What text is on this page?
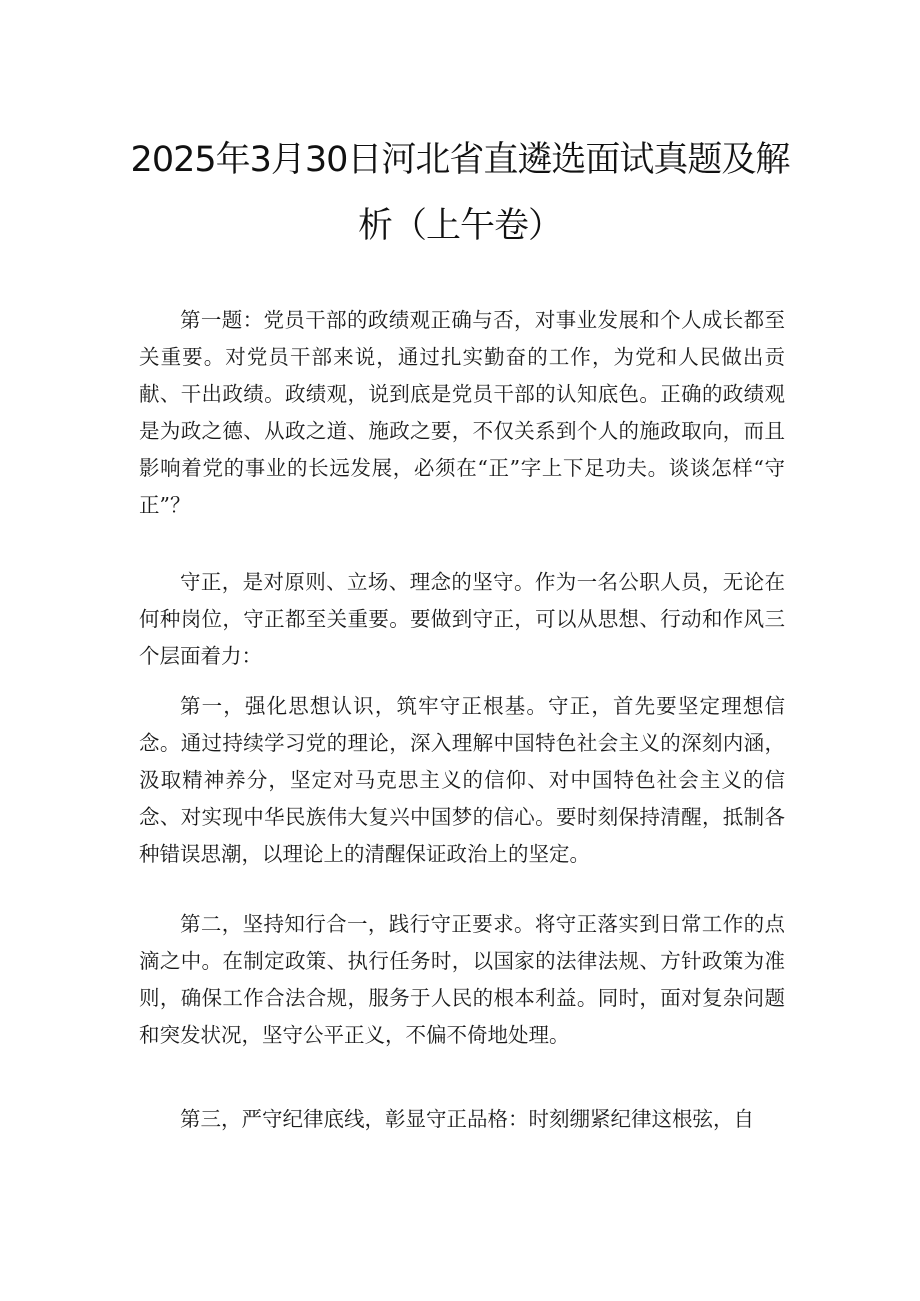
2025年3月30日河北省直遴选面试真题及解
析（上午卷）

第一题：党员干部的政绩观正确与否，对事业发展和个人成长都至关重要。对党员干部来说，通过扎实勤奋的工作，为党和人民做出贡献、干出政绩。政绩观，说到底是党员干部的认知底色。正确的政绩观是为政之德、从政之道、施政之要，不仅关系到个人的施政取向，而且影响着党的事业的长远发展，必须在“正”字上下足功夫。谈谈怎样“守正”？

守正，是对原则、立场、理念的坚守。作为一名公职人员，无论在何种岗位，守正都至关重要。要做到守正，可以从思想、行动和作风三个层面着力：

第一，强化思想认识，筑牢守正根基。守正，首先要坚定理想信念。通过持续学习党的理论，深入理解中国特色社会主义的深刻内涵，汲取精神养分，坚定对马克思主义的信仰、对中国特色社会主义的信念、对实现中华民族伟大复兴中国梦的信心。要时刻保持清醒，抵制各种错误思潮，以理论上的清醒保证政治上的坚定。

第二，坚持知行合一，践行守正要求。将守正落实到日常工作的点滴之中。在制定政策、执行任务时，以国家的法律法规、方针政策为准则，确保工作合法合规，服务于人民的根本利益。同时，面对复杂问题和突发状况，坚守公平正义，不偏不倚地处理。

第三，严守纪律底线，彰显守正品格：时刻绷紧纪律这根弦，自
